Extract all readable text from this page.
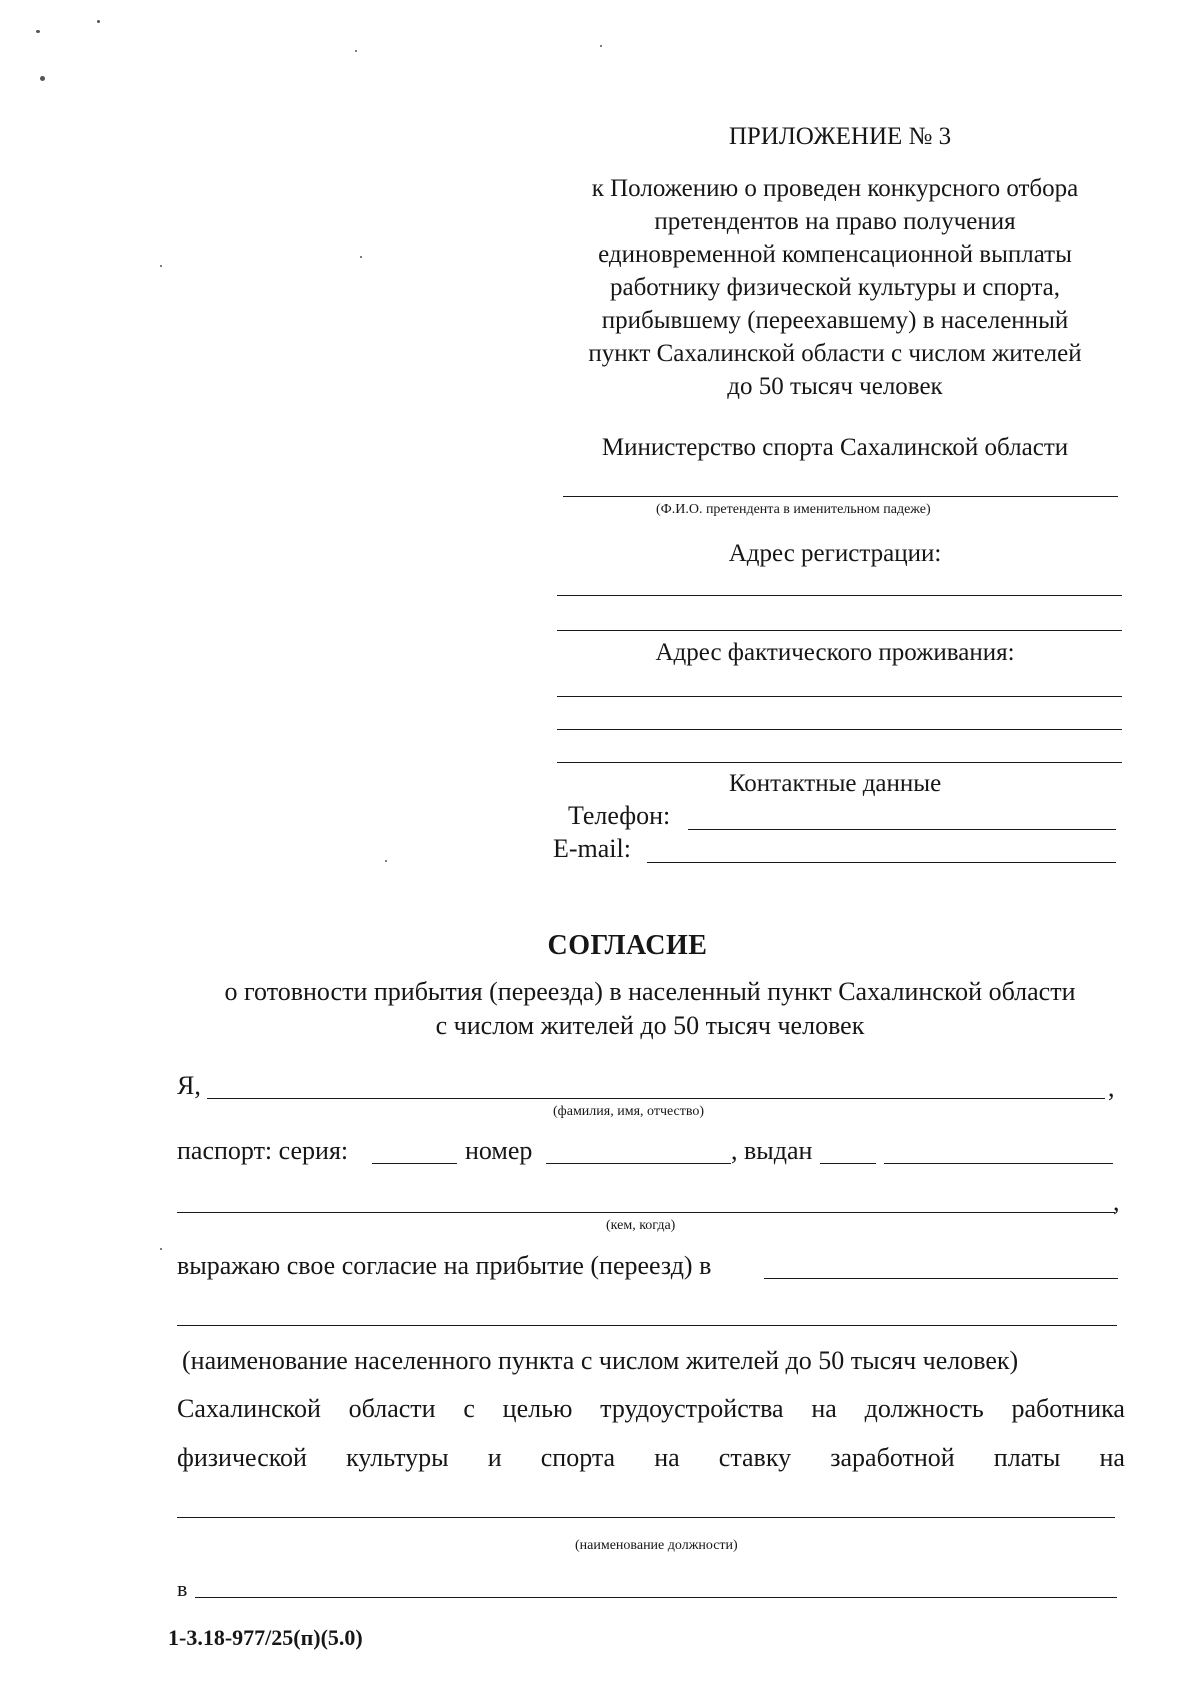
ПРИЛОЖЕНИЕ № 3
к Положению о проведен конкурсного отбора
претендентов на право получения
единовременной компенсационной выплаты
работнику физической культуры и спорта,
прибывшему (переехавшему) в населенный
пункт Сахалинской области с числом жителей
до 50 тысяч человек
Министерство спорта Сахалинской области
(Ф.И.О. претендента в именительном падеже)
Адрес регистрации:
Адрес фактического проживания:
Контактные данные
Телефон:
E-mail:
СОГЛАСИЕ
о готовности прибытия (переезда) в населенный пункт Сахалинской области
с числом жителей до 50 тысяч человек
Я,	,
(фамилия, имя, отчество)
паспорт: серия:	номер	, выдан
,
(кем, когда)
выражаю свое согласие на прибытие (переезд) в
(наименование населенного пункта с числом жителей до 50 тысяч человек)
Сахалинской области с целью трудоустройства на должность работника
физической культуры и спорта на ставку заработной платы на
(наименование должности)
в
1-3.18-977/25(п)(5.0)
